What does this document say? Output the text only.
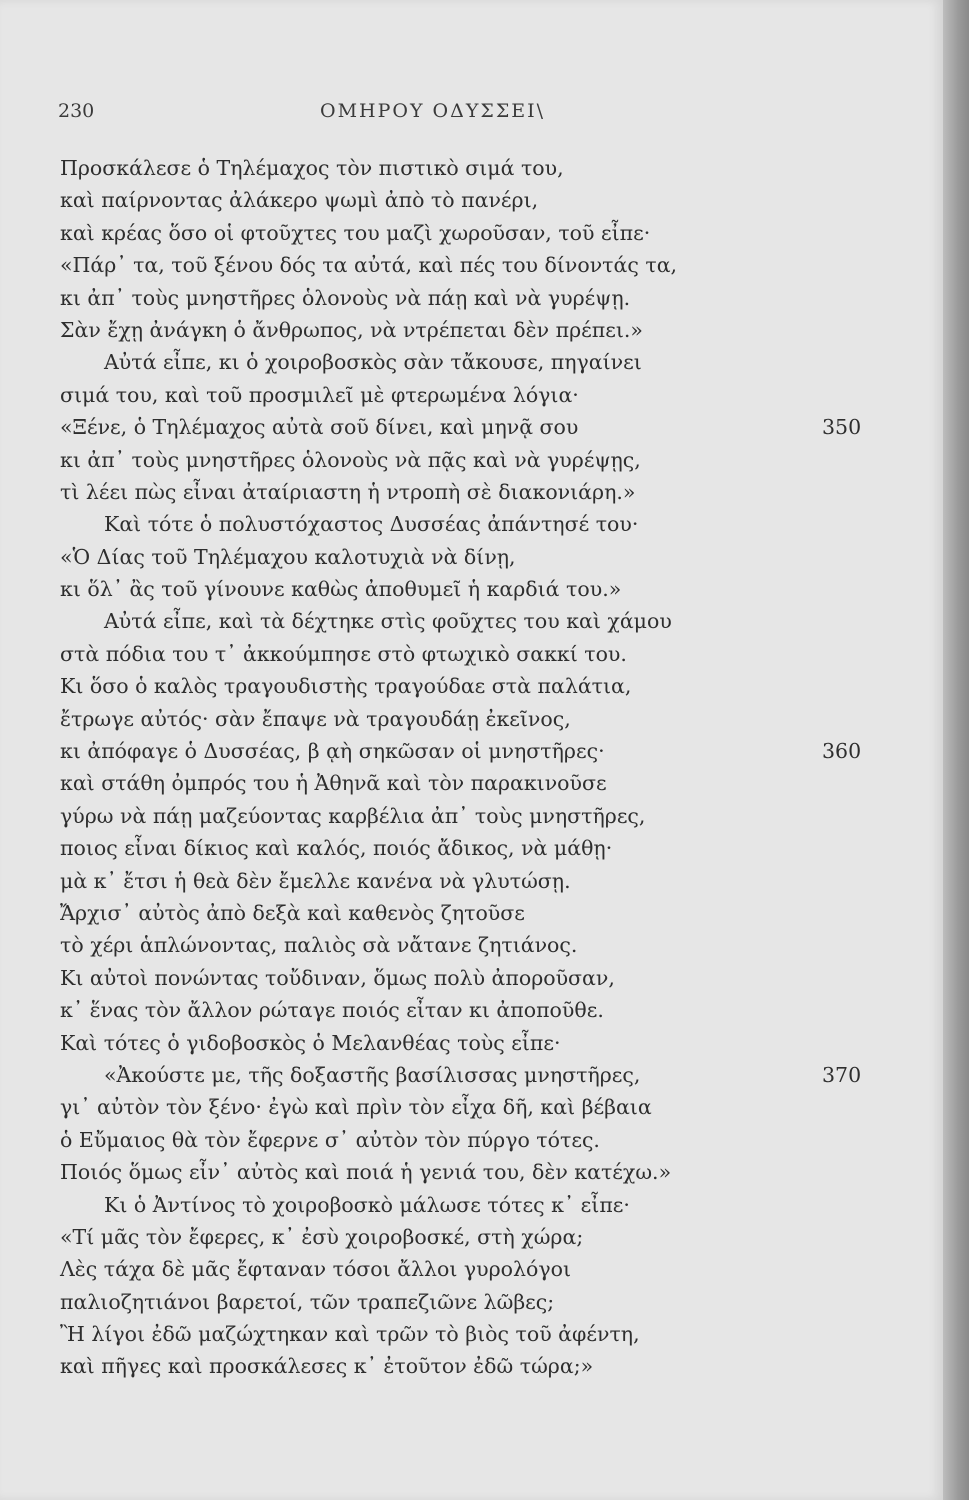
230	ΟΜΗΡΟΥ ΟΔΥΣΣΕΙ\
Προσκάλεσε ὁ Τηλέμαχος τὸν πιστικὸ σιμά του,
καὶ παίρνοντας ἀλάκερο ψωμὶ ἀπὸ τὸ πανέρι,
καὶ κρέας ὅσο οἱ φτοῦχτες του μαζὶ χωροῦσαν, τοῦ εἶπε·
«Πάρ᾽ τα, τοῦ ξένου δός τα αὐτά, καὶ πές του δίνοντάς τα,
κι ἀπ᾽ τοὺς μνηστῆρες ὁλονοὺς νὰ πάῃ καὶ νὰ γυρέψῃ.
Σὰν ἔχῃ ἀνάγκη ὁ ἄνθρωπος, νὰ ντρέπεται δὲν πρέπει.»
Αὐτά εἶπε, κι ὁ χοιροβοσκὸς σὰν τἄκουσε, πηγαίνει
σιμά του, καὶ τοῦ προσμιλεῖ μὲ φτερωμένα λόγια·
«Ξένε, ὁ Τηλέμαχος αὐτὰ σοῦ δίνει, καὶ μηνᾷ σου	350
κι ἀπ᾽ τοὺς μνηστῆρες ὁλονοὺς νὰ πᾷς καὶ νὰ γυρέψῃς,
τὶ λέει πὼς εἶναι ἀταίριαστη ἡ ντροπὴ σὲ διακονιάρη.»
Καὶ τότε ὁ πολυστόχαστος Δυσσέας ἀπάντησέ του·
«Ὁ Δίας τοῦ Τηλέμαχου καλοτυχιὰ νὰ δίνῃ,
κι ὅλ᾽ ἂς τοῦ γίνουνε καθὼς ἀποθυμεῖ ἡ καρδιά του.»
Αὐτά εἶπε, καὶ τὰ δέχτηκε στὶς φοῦχτες του καὶ χάμου
στὰ πόδια του τ᾽ ἀκκούμπησε στὸ φτωχικὸ σακκί του.
Κι ὅσο ὁ καλὸς τραγουδιστὴς τραγούδαε στὰ παλάτια,
ἔτρωγε αὐτός· σὰν ἔπαψε νὰ τραγουδάῃ ἐκεῖνος,
κι ἀπόφαγε ὁ Δυσσέας, β ᾳὴ σηκῶσαν οἱ μνηστῆρες·	360
καὶ στάθη ὀμπρός του ἡ Ἀθηνᾶ καὶ τὸν παρακινοῦσε
γύρω νὰ πάῃ μαζεύοντας καρβέλια ἀπ᾽ τοὺς μνηστῆρες,
ποιος εἶναι δίκιος καὶ καλός, ποιός ἄδικος, νὰ μάθῃ·
μὰ κ᾽ ἔτσι ἡ θεὰ δὲν ἔμελλε κανένα νὰ γλυτώσῃ.
Ἄρχισ᾽ αὐτὸς ἀπὸ δεξὰ καὶ καθενὸς ζητοῦσε
τὸ χέρι ἁπλώνοντας, παλιὸς σὰ νἄτανε ζητιάνος.
Κι αὐτοὶ πονώντας τοὔδιναν, ὅμως πολὺ ἀποροῦσαν,
κ᾽ ἕνας τὸν ἄλλον ρώταγε ποιός εἶταν κι ἀποποῦθε.
Καὶ τότες ὁ γιδοβοσκὸς ὁ Μελανθέας τοὺς εἶπε·
«Ἀκούστε με, τῆς δοξαστῆς βασίλισσας μνηστῆρες,	370
γι᾽ αὐτὸν τὸν ξένο· ἐγὼ καὶ πρὶν τὸν εἶχα δῆ, καὶ βέβαια
ὁ Εὔμαιος θὰ τὸν ἔφερνε σ᾽ αὐτὸν τὸν πύργο τότες.
Ποιός ὅμως εἶν᾽ αὐτὸς καὶ ποιά ἡ γενιά του, δὲν κατέχω.»
Κι ὁ Ἀντίνος τὸ χοιροβοσκὸ μάλωσε τότες κ᾽ εἶπε·
«Τί μᾶς τὸν ἔφερες, κ᾽ ἐσὺ χοιροβοσκέ, στὴ χώρα;
Λὲς τάχα δὲ μᾶς ἔφταναν τόσοι ἄλλοι γυρολόγοι
παλιοζητιάνοι βαρετοί, τῶν τραπεζιῶνε λῶβες;
Ἢ λίγοι ἐδῶ μαζώχτηκαν καὶ τρῶν τὸ βιὸς τοῦ ἀφέντη,
καὶ πῆγες καὶ προσκάλεσες κ᾽ ἐτοῦτον ἐδῶ τώρα;»
